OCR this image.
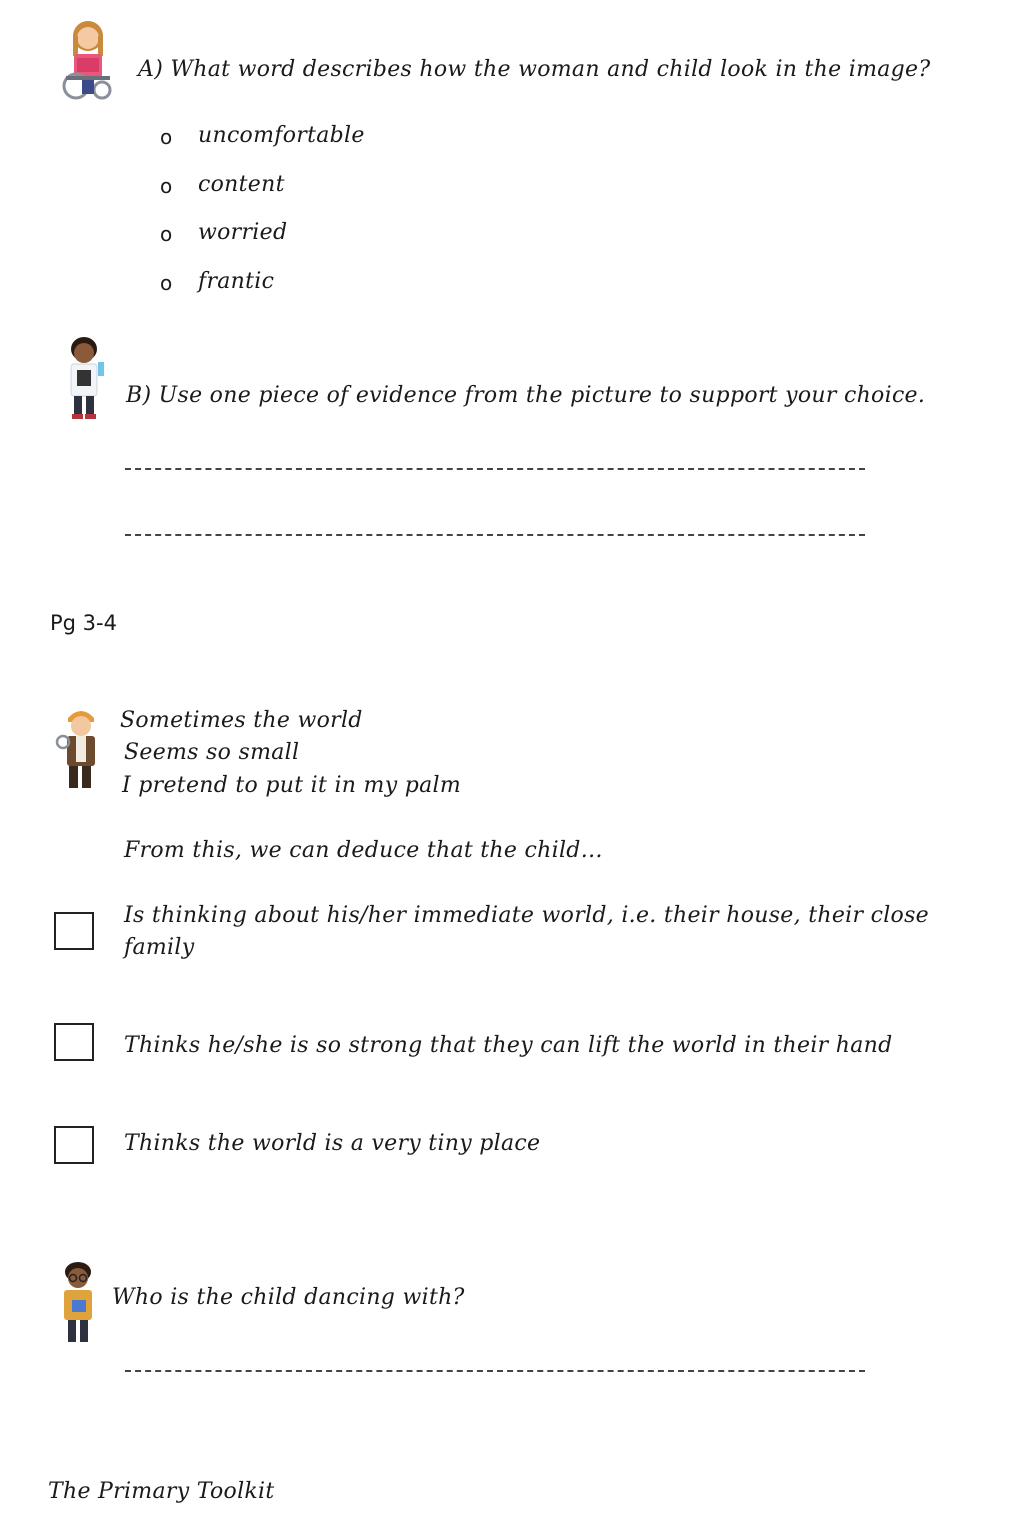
A) What word describes how the woman and child look in the image?
o uncomfortable
o content
o worried
o frantic
B) Use one piece of evidence from the picture to support your choice.
Pg 3-4
Sometimes the world
Seems so small
I pretend to put it in my palm
From this, we can deduce that the child…
Is thinking about his/her immediate world, i.e. their house, their close family
Thinks he/she is so strong that they can lift the world in their hand
Thinks the world is a very tiny place
Who is the child dancing with?
The Primary Toolkit
